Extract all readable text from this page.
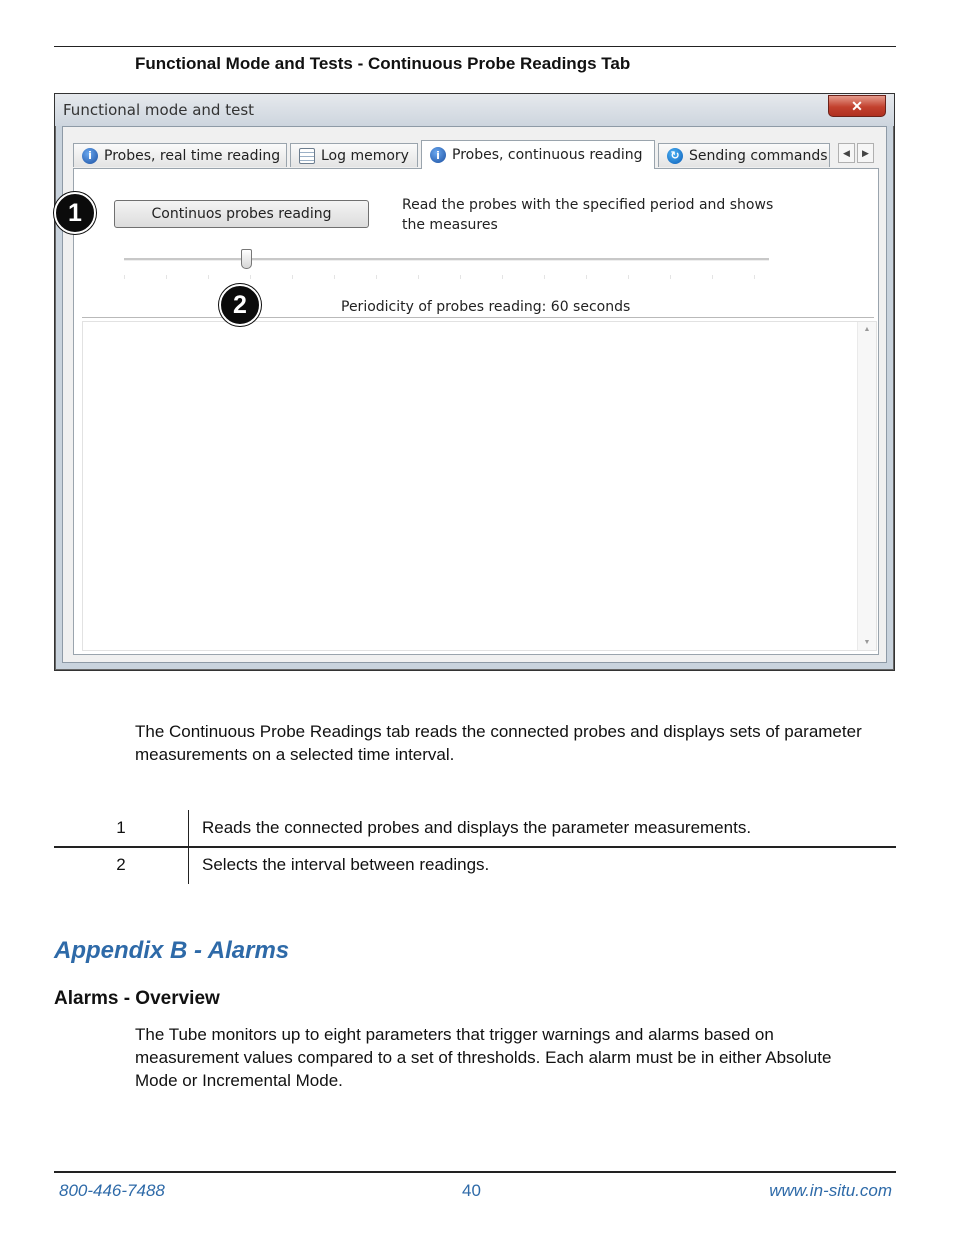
Functional Mode and Tests - Continuous Probe Readings Tab
Functional mode and test	✕
i Probes, real time reading	Log memory	i Probes, continuous reading	↻ Sending commands	◀	▶
Continuos probes reading
Read the probes with the specified period and shows the measures
Periodicity of probes reading: 60 seconds
▲
▼
1
2
The Continuous Probe Readings tab reads the connected probes and displays sets of parameter measurements on a selected time interval.
1	Reads the connected probes and displays the parameter measurements.
2	Selects the interval between readings.
Appendix B - Alarms
Alarms - Overview
The Tube monitors up to eight parameters that trigger warnings and alarms based on measurement values compared to a set of thresholds. Each alarm must be in either Absolute Mode or Incremental Mode.
800-446-7488	40	www.in-situ.com
